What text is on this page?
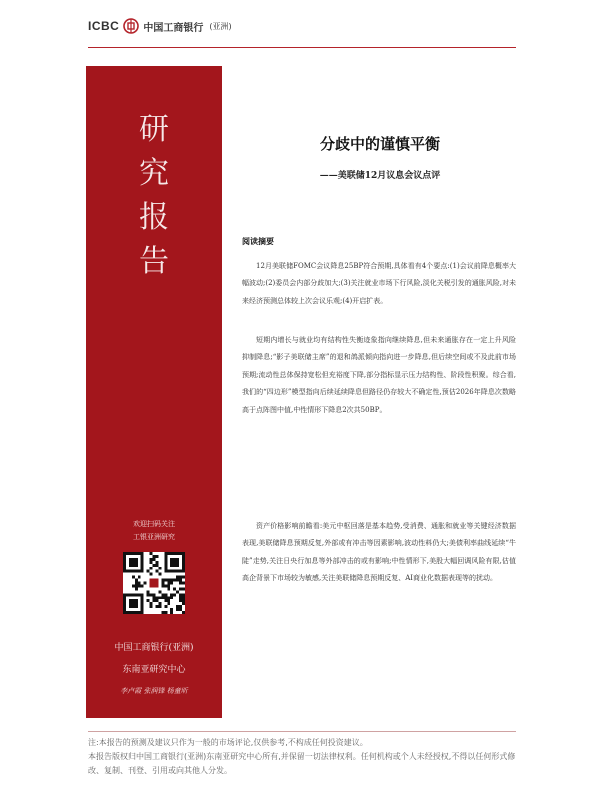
ICBC 中国工商银行 (亚洲)
研
究
报
告
欢迎扫码关注
工银亚洲研究
中国工商银行(亚洲)
东南亚研究中心
李卢霞 张润锋 杨童昕
分歧中的谨慎平衡
——美联储12月议息会议点评
阅读摘要
12月美联储FOMC会议降息25BP符合预期,具体看有4个要点:(1)会议前降息概率大幅波动;(2)委员会内部分歧加大;(3)关注就业市场下行风险,淡化关税引发的通胀风险,对未来经济预测总体较上次会议乐观;(4)开启扩表。
短期内增长与就业均有结构性失衡迹象指向继续降息,但未来通胀存在一定上升风险抑制降息;“影子美联储主席”的退和鸽派倾向指向进一步降息,但后续空间或不及此前市场预期;流动性总体保持宽松但充裕度下降,部分指标显示压力结构性、阶段性积聚。综合看,我们的“四边形”模型指向后续延续降息但路径仍存较大不确定性,预估2026年降息次数略高于点阵图中值,中性情形下降息2次共50BP。
资产价格影响前瞻看:美元中枢回落是基本趋势,受消费、通胀和就业等关键经济数据表现,美联储降息预期反复,外部或有冲击等因素影响,波动性料仍大;美债利率曲线延续“牛陡”走势,关注日央行加息等外部冲击的或有影响;中性情形下,美股大幅回调风险有限,估值高企背景下市场较为敏感,关注美联储降息预期反复、AI商业化数据表现等的扰动。

注:本报告的预测及建议只作为一般的市场评论,仅供参考,不构成任何投资建议。

本报告版权归中国工商银行(亚洲)东南亚研究中心所有,并保留一切法律权利。任何机构或个人未经授权,不得以任何形式修改、复制、刊登、引用或向其他人分发。
